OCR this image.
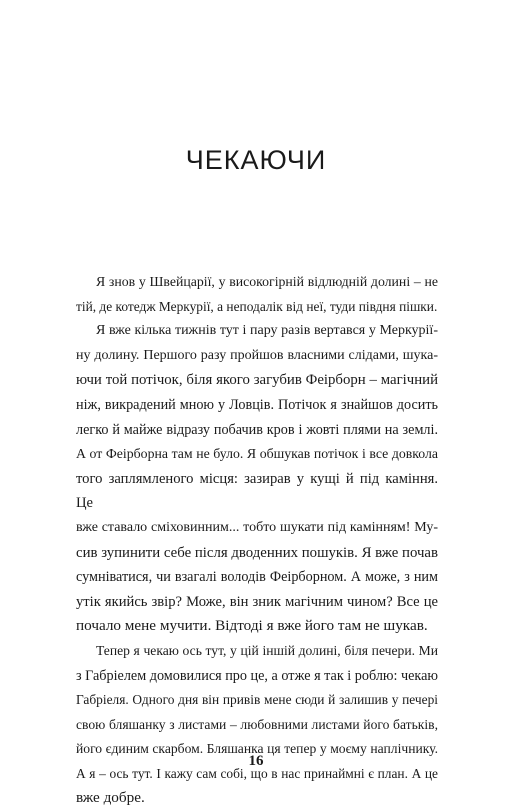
ЧЕКАЮЧИ
Я знов у Швейцарії, у високогірній відлюдній долині – не
тій, де котедж Меркурії, а неподалік від неї, туди півдня пішки.
Я вже кілька тижнів тут і пару разів вертався у Меркурії-
ну долину. Першого разу пройшов власними слідами, шука-
ючи той потічок, біля якого загубив Феірборн – магічний
ніж, викрадений мною у Ловців. Потічок я знайшов досить
легко й майже відразу побачив кров і жовті плями на землі.
А от Феірборна там не було. Я обшукав потічок і все довкола
того заплямленого місця: зазирав у кущі й під каміння. Це
вже ставало сміховинним... тобто шукати під камінням! Му-
сив зупинити себе після дводенних пошуків. Я вже почав
сумніватися, чи взагалі володів Феірборном. А може, з ним
утік якийсь звір? Може, він зник магічним чином? Все це
почало мене мучити. Відтоді я вже його там не шукав.
Тепер я чекаю ось тут, у цій іншій долині, біля печери. Ми
з Габріелем домовилися про це, а отже я так і роблю: чекаю
Габріеля. Одного дня він привів мене сюди й залишив у печері
свою бляшанку з листами – любовними листами його батьків,
його єдиним скарбом. Бляшанка ця тепер у моєму наплічнику.
А я – ось тут. І кажу сам собі, що в нас принаймні є план. А це
вже добре.
16
